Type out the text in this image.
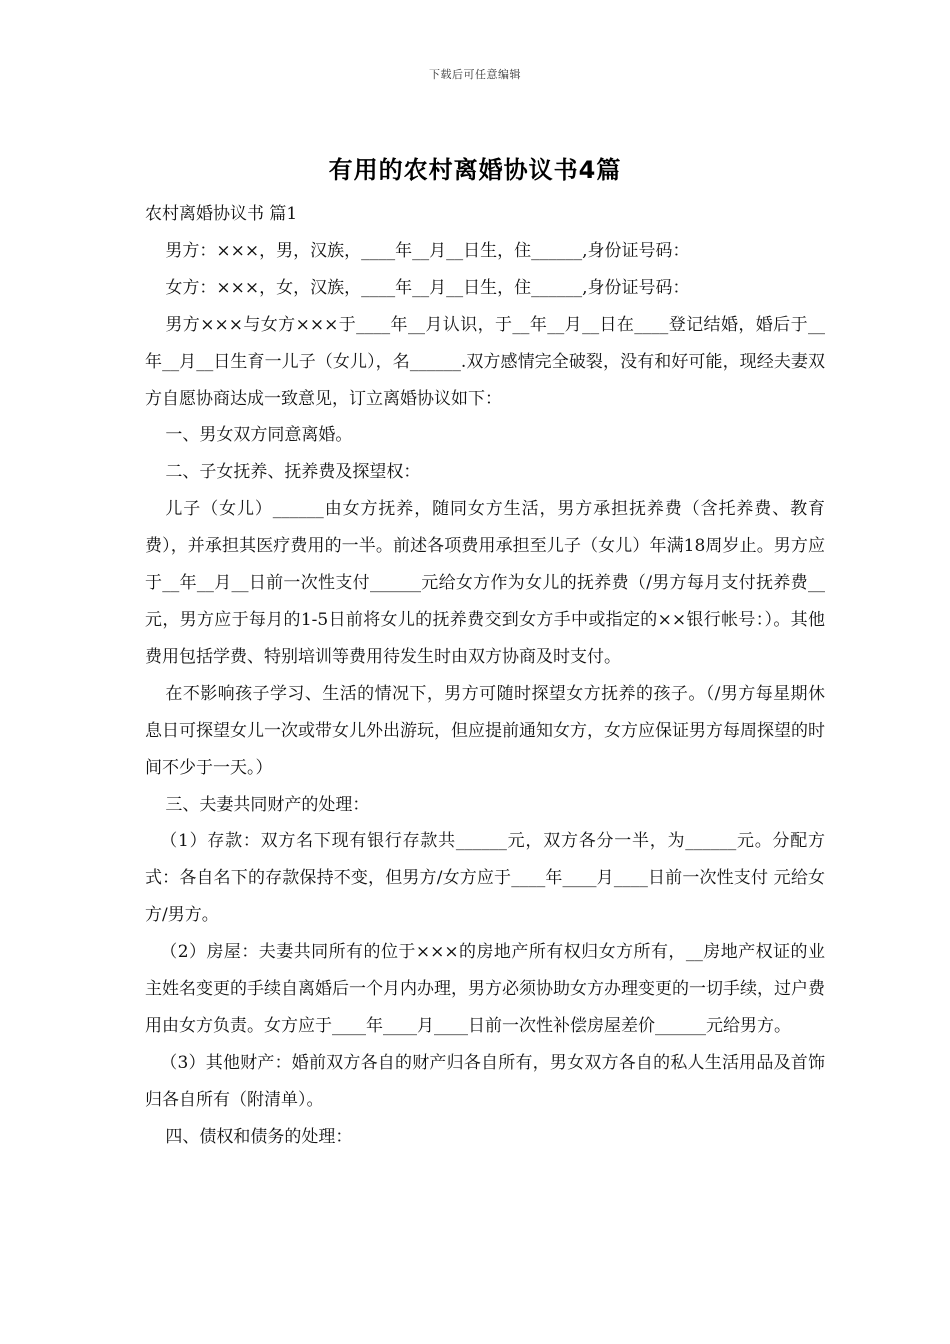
下载后可任意编辑
有用的农村离婚协议书4篇

农村离婚协议书 篇1

男方：×××，男，汉族，____年__月__日生，住______,身份证号码：

女方：×××，女，汉族，____年__月__日生，住______,身份证号码：

男方×××与女方×××于____年__月认识，于__年__月__日在____登记结婚，婚后于__年__月__日生育一儿子（女儿），名______.双方感情完全破裂，没有和好可能，现经夫妻双方自愿协商达成一致意见，订立离婚协议如下：

一、男女双方同意离婚。

二、子女抚养、抚养费及探望权：

儿子（女儿）______由女方抚养，随同女方生活，男方承担抚养费（含托养费、教育费），并承担其医疗费用的一半。前述各项费用承担至儿子（女儿）年满18周岁止。男方应于__年__月__日前一次性支付______元给女方作为女儿的抚养费（/男方每月支付抚养费__元，男方应于每月的1-5日前将女儿的抚养费交到女方手中或指定的××银行帐号：）。其他费用包括学费、特别培训等费用待发生时由双方协商及时支付。

在不影响孩子学习、生活的情况下，男方可随时探望女方抚养的孩子。（/男方每星期休息日可探望女儿一次或带女儿外出游玩，但应提前通知女方，女方应保证男方每周探望的时间不少于一天。）

三、夫妻共同财产的处理：

（1）存款：双方名下现有银行存款共______元，双方各分一半，为______元。分配方式：各自名下的存款保持不变，但男方/女方应于____年____月____日前一次性支付 元给女方/男方。

（2）房屋：夫妻共同所有的位于×××的房地产所有权归女方所有，__房地产权证的业主姓名变更的手续自离婚后一个月内办理，男方必须协助女方办理变更的一切手续，过户费用由女方负责。女方应于____年____月____日前一次性补偿房屋差价______元给男方。

（3）其他财产：婚前双方各自的财产归各自所有，男女双方各自的私人生活用品及首饰归各自所有（附清单）。

四、债权和债务的处理：
